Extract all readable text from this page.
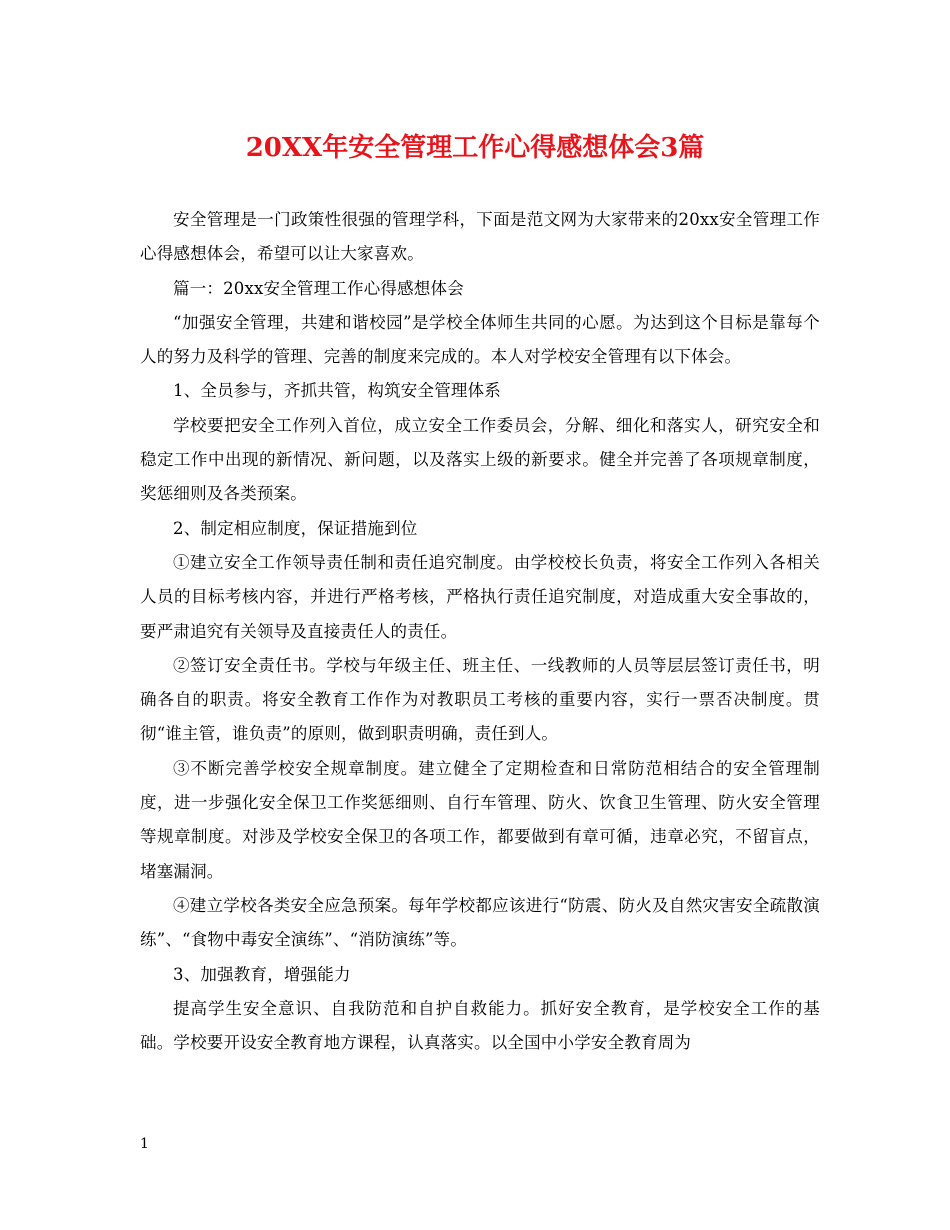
20XX年安全管理工作心得感想体会3篇

安全管理是一门政策性很强的管理学科，下面是范文网为大家带来的20xx安全管理工作心得感想体会，希望可以让大家喜欢。

篇一：20xx安全管理工作心得感想体会

“加强安全管理，共建和谐校园”是学校全体师生共同的心愿。为达到这个目标是靠每个人的努力及科学的管理、完善的制度来完成的。本人对学校安全管理有以下体会。

1、全员参与，齐抓共管，构筑安全管理体系

学校要把安全工作列入首位，成立安全工作委员会，分解、细化和落实人，研究安全和稳定工作中出现的新情况、新问题，以及落实上级的新要求。健全并完善了各项规章制度，奖惩细则及各类预案。

2、制定相应制度，保证措施到位

①建立安全工作领导责任制和责任追究制度。由学校校长负责，将安全工作列入各相关人员的目标考核内容，并进行严格考核，严格执行责任追究制度，对造成重大安全事故的，要严肃追究有关领导及直接责任人的责任。

②签订安全责任书。学校与年级主任、班主任、一线教师的人员等层层签订责任书，明确各自的职责。将安全教育工作作为对教职员工考核的重要内容，实行一票否决制度。贯彻“谁主管，谁负责”的原则，做到职责明确，责任到人。

③不断完善学校安全规章制度。建立健全了定期检查和日常防范相结合的安全管理制度，进一步强化安全保卫工作奖惩细则、自行车管理、防火、饮食卫生管理、防火安全管理等规章制度。对涉及学校安全保卫的各项工作，都要做到有章可循，违章必究，不留盲点，堵塞漏洞。

④建立学校各类安全应急预案。每年学校都应该进行“防震、防火及自然灾害安全疏散演练”、“食物中毒安全演练”、“消防演练”等。

3、加强教育，增强能力

提高学生安全意识、自我防范和自护自救能力。抓好安全教育，是学校安全工作的基础。学校要开设安全教育地方课程，认真落实。以全国中小学安全教育周为

1
